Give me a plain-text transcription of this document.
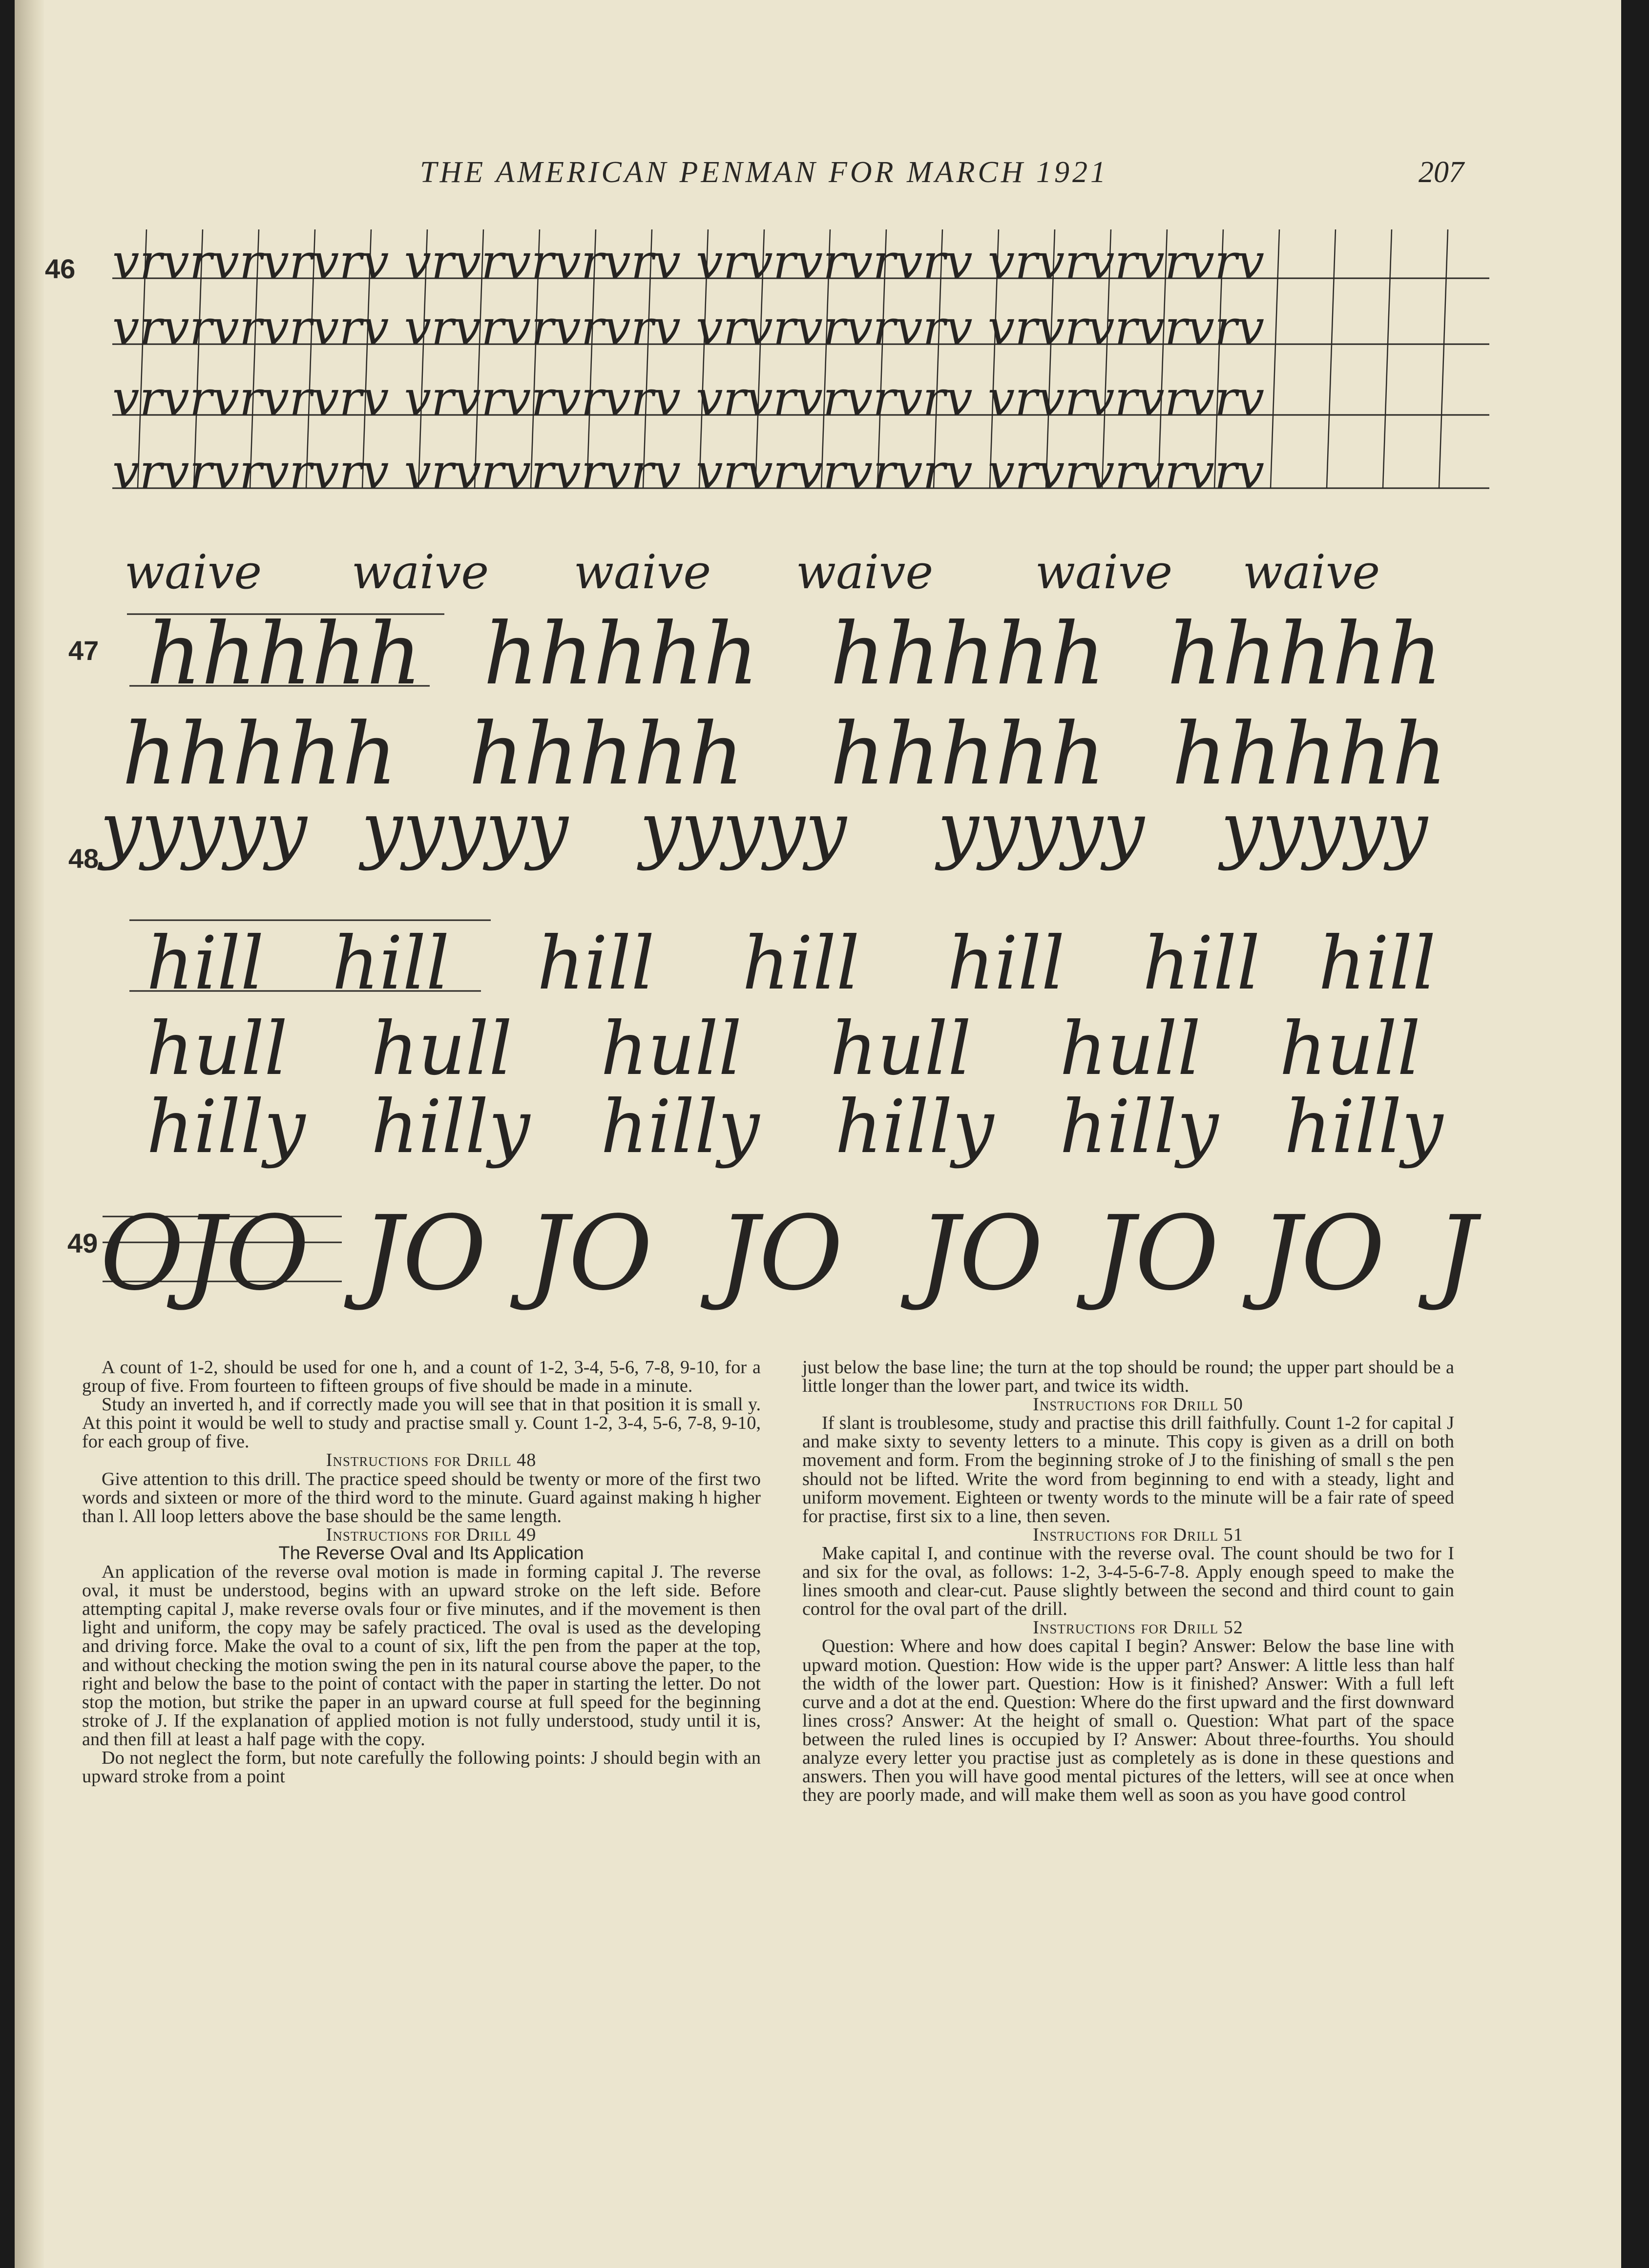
THE AMERICAN PENMAN FOR MARCH 1921	207
46
47
48
49
vrvrvrvrvrv vrvrvrvrvrv vrvrvrvrvrv vrvrvrvrvrv
vrvrvrvrvrv vrvrvrvrvrv vrvrvrvrvrv vrvrvrvrvrv
vrvrvrvrvrv vrvrvrvrvrv vrvrvrvrvrv vrvrvrvrvrv
vrvrvrvrvrv vrvrvrvrvrv vrvrvrvrvrv vrvrvrvrvrv
waive waive waive waive waive waive
hhhhh hhhhh hhhhh hhhhh
hhhhh hhhhh hhhhh hhhhh
yyyyy yyyyy yyyyy yyyyy yyyyy
hill hill hill hill hill hill hill
hull hull hull hull hull hull
hilly hilly hilly hilly hilly hilly
OJO JO JO JO JO JO JO J

A count of 1-2, should be used for one h, and a count of 1-2, 3-4, 5-6, 7-8, 9-10, for a group of five. From fourteen to fifteen groups of five should be made in a minute.

Study an inverted h, and if correctly made you will see that in that position it is small y. At this point it would be well to study and practise small y. Count 1-2, 3-4, 5-6, 7-8, 9-10, for each group of five.

Instructions for Drill 48

Give attention to this drill. The practice speed should be twenty or more of the first two words and sixteen or more of the third word to the minute. Guard against making h higher than l. All loop letters above the base should be the same length.

Instructions for Drill 49

The Reverse Oval and Its Application

An application of the reverse oval motion is made in forming capital J. The reverse oval, it must be understood, begins with an upward stroke on the left side. Before attempting capital J, make reverse ovals four or five minutes, and if the movement is then light and uniform, the copy may be safely practiced. The oval is used as the developing and driving force. Make the oval to a count of six, lift the pen from the paper at the top, and without checking the motion swing the pen in its natural course above the paper, to the right and below the base to the point of contact with the paper in starting the letter. Do not stop the motion, but strike the paper in an upward course at full speed for the beginning stroke of J. If the explanation of applied motion is not fully understood, study until it is, and then fill at least a half page with the copy.

Do not neglect the form, but note carefully the following points: J should begin with an upward stroke from a point

just below the base line; the turn at the top should be round; the upper part should be a little longer than the lower part, and twice its width.

Instructions for Drill 50

If slant is troublesome, study and practise this drill faithfully. Count 1-2 for capital J and make sixty to seventy letters to a minute. This copy is given as a drill on both movement and form. From the beginning stroke of J to the finishing of small s the pen should not be lifted. Write the word from beginning to end with a steady, light and uniform movement. Eighteen or twenty words to the minute will be a fair rate of speed for practise, first six to a line, then seven.

Instructions for Drill 51

Make capital I, and continue with the reverse oval. The count should be two for I and six for the oval, as follows: 1-2, 3-4-5-6-7-8. Apply enough speed to make the lines smooth and clear-cut. Pause slightly between the second and third count to gain control for the oval part of the drill.

Instructions for Drill 52

Question: Where and how does capital I begin? Answer: Below the base line with upward motion. Question: How wide is the upper part? Answer: A little less than half the width of the lower part. Question: How is it finished? Answer: With a full left curve and a dot at the end. Question: Where do the first upward and the first downward lines cross? Answer: At the height of small o. Question: What part of the space between the ruled lines is occupied by I? Answer: About three-fourths. You should analyze every letter you practise just as completely as is done in these questions and answers. Then you will have good mental pictures of the letters, will see at once when they are poorly made, and will make them well as soon as you have good control
